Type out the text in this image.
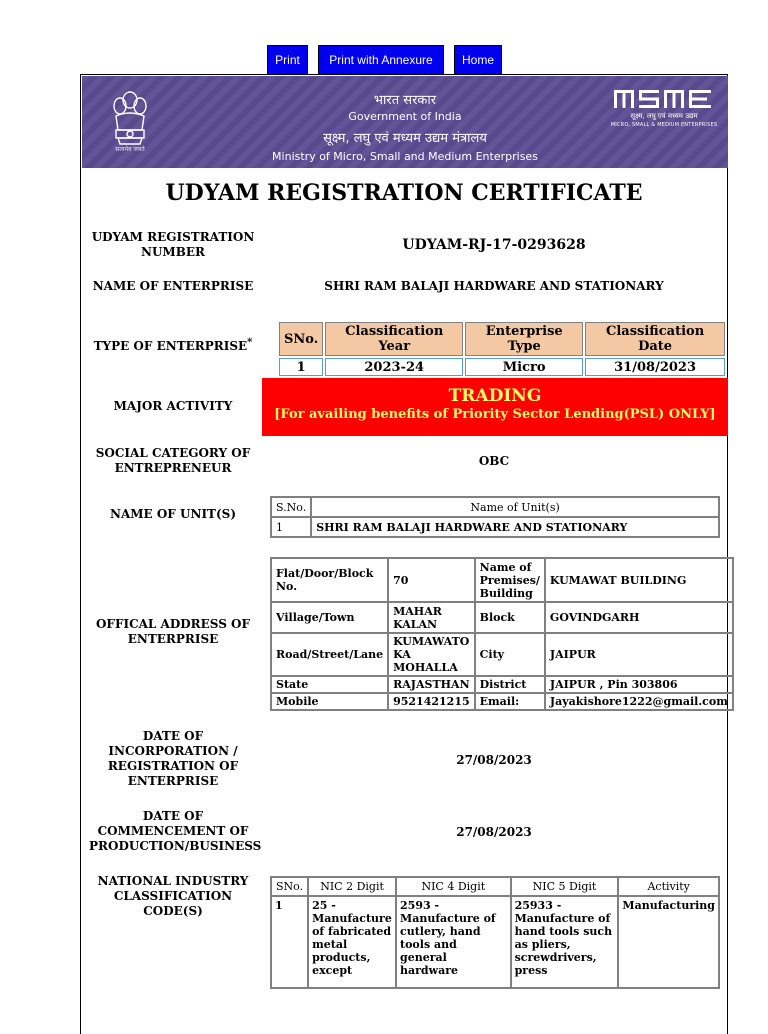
Print	Print with Annexure	Home
सत्यमेव जयते
भारत सरकार
Government of India
सूक्ष्म, लघु एवं मध्यम उद्यम मंत्रालय
Ministry of Micro, Small and Medium Enterprises
सूक्ष्म, लघु एवं मध्यम उद्यम
MICRO, SMALL & MEDIUM ENTERPRISES
UDYAM REGISTRATION CERTIFICATE
UDYAM REGISTRATION NUMBER	UDYAM-RJ-17-0293628
NAME OF ENTERPRISE	SHRI RAM BALAJI HARDWARE AND STATIONARY
TYPE OF ENTERPRISE*	SNo.	Classification Year	Enterprise Type	Classification Date
1	2023-24	Micro	31/08/2023
MAJOR ACTIVITY	TRADING
[For availing benefits of Priority Sector Lending(PSL) ONLY]
SOCIAL CATEGORY OF ENTREPRENEUR	OBC
NAME OF UNIT(S)	S.No.	Name of Unit(s)
1	SHRI RAM BALAJI HARDWARE AND STATIONARY
OFFICAL ADDRESS OF ENTERPRISE
Flat/Door/Block No.	70	Name of Premises/ Building	KUMAWAT BUILDING
Village/Town	MAHAR KALAN	Block	GOVINDGARH
Road/Street/Lane	KUMAWATO KA MOHALLA	City	JAIPUR
State	RAJASTHAN	District	JAIPUR , Pin 303806
Mobile	9521421215	Email:	Jayakishore1222@gmail.com
DATE OF INCORPORATION / REGISTRATION OF ENTERPRISE
27/08/2023
DATE OF COMMENCEMENT OF PRODUCTION/BUSINESS
27/08/2023
NATIONAL INDUSTRY CLASSIFICATION CODE(S)
SNo.	NIC 2 Digit	NIC 4 Digit	NIC 5 Digit	Activity
1	25 - Manufacture of fabricated metal products, except	2593 - Manufacture of cutlery, hand tools and general hardware	25933 - Manufacture of hand tools such as pliers, screwdrivers, press	Manufacturing
